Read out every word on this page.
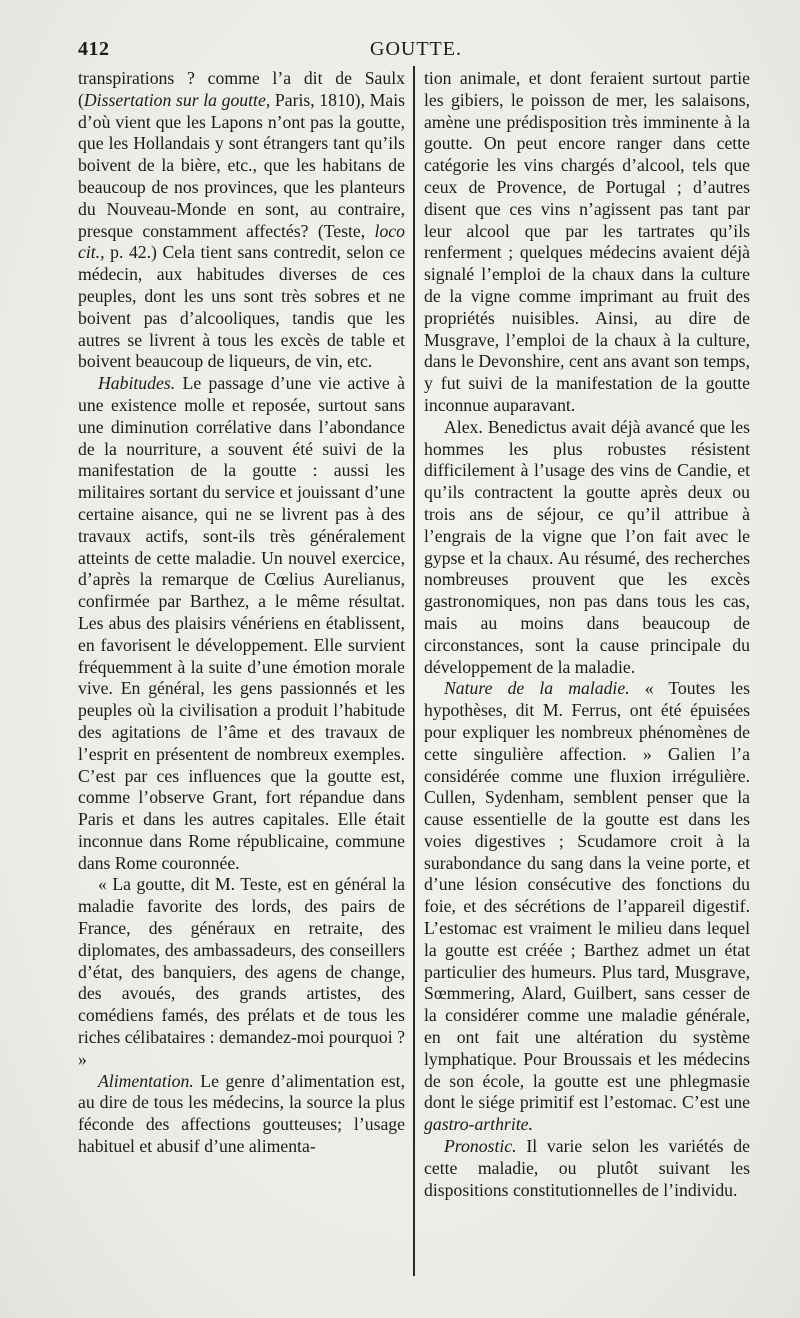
412	GOUTTE.

transpirations ? comme l’a dit de Saulx (Dissertation sur la goutte, Paris, 1810), Mais d’où vient que les Lapons n’ont pas la goutte, que les Hollandais y sont étrangers tant qu’ils boivent de la bière, etc., que les habitans de beaucoup de nos provinces, que les planteurs du Nouveau-Monde en sont, au contraire, presque constamment affectés? (Teste, loco cit., p. 42.) Cela tient sans contredit, selon ce médecin, aux habitudes diverses de ces peuples, dont les uns sont très sobres et ne boivent pas d’alcooliques, tandis que les autres se livrent à tous les excès de table et boivent beaucoup de liqueurs, de vin, etc.

Habitudes. Le passage d’une vie active à une existence molle et reposée, surtout sans une diminution corrélative dans l’abondance de la nourriture, a souvent été suivi de la manifestation de la goutte : aussi les militaires sortant du service et jouissant d’une certaine aisance, qui ne se livrent pas à des travaux actifs, sont-ils très généralement atteints de cette maladie. Un nouvel exercice, d’après la remarque de Cœlius Aurelianus, confirmée par Barthez, a le même résultat. Les abus des plaisirs vénériens en établissent, en favorisent le développement. Elle survient fréquemment à la suite d’une émotion morale vive. En général, les gens passionnés et les peuples où la civilisation a produit l’habitude des agitations de l’âme et des travaux de l’esprit en présentent de nombreux exemples. C’est par ces influences que la goutte est, comme l’observe Grant, fort répandue dans Paris et dans les autres capitales. Elle était inconnue dans Rome républicaine, commune dans Rome couronnée.

« La goutte, dit M. Teste, est en général la maladie favorite des lords, des pairs de France, des généraux en retraite, des diplomates, des ambassadeurs, des conseillers d’état, des banquiers, des agens de change, des avoués, des grands artistes, des comédiens famés, des prélats et de tous les riches célibataires : demandez-moi pourquoi ? »

Alimentation. Le genre d’alimentation est, au dire de tous les médecins, la source la plus féconde des affections goutteuses; l’usage habituel et abusif d’une alimenta-

tion animale, et dont feraient surtout partie les gibiers, le poisson de mer, les salaisons, amène une prédisposition très imminente à la goutte. On peut encore ranger dans cette catégorie les vins chargés d’alcool, tels que ceux de Provence, de Portugal ; d’autres disent que ces vins n’agissent pas tant par leur alcool que par les tartrates qu’ils renferment ; quelques médecins avaient déjà signalé l’emploi de la chaux dans la culture de la vigne comme imprimant au fruit des propriétés nuisibles. Ainsi, au dire de Musgrave, l’emploi de la chaux à la culture, dans le Devonshire, cent ans avant son temps, y fut suivi de la manifestation de la goutte inconnue auparavant.

Alex. Benedictus avait déjà avancé que les hommes les plus robustes résistent difficilement à l’usage des vins de Candie, et qu’ils contractent la goutte après deux ou trois ans de séjour, ce qu’il attribue à l’engrais de la vigne que l’on fait avec le gypse et la chaux. Au résumé, des recherches nombreuses prouvent que les excès gastronomiques, non pas dans tous les cas, mais au moins dans beaucoup de circonstances, sont la cause principale du développement de la maladie.

Nature de la maladie. « Toutes les hypothèses, dit M. Ferrus, ont été épuisées pour expliquer les nombreux phénomènes de cette singulière affection. » Galien l’a considérée comme une fluxion irrégulière. Cullen, Sydenham, semblent penser que la cause essentielle de la goutte est dans les voies digestives ; Scudamore croit à la surabondance du sang dans la veine porte, et d’une lésion consécutive des fonctions du foie, et des sécrétions de l’appareil digestif. L’estomac est vraiment le milieu dans lequel la goutte est créée ; Barthez admet un état particulier des humeurs. Plus tard, Musgrave, Sœmmering, Alard, Guilbert, sans cesser de la considérer comme une maladie générale, en ont fait une altération du système lymphatique. Pour Broussais et les médecins de son école, la goutte est une phlegmasie dont le siége primitif est l’estomac. C’est une gastro-arthrite.

Pronostic. Il varie selon les variétés de cette maladie, ou plutôt suivant les dispositions constitutionnelles de l’individu.
